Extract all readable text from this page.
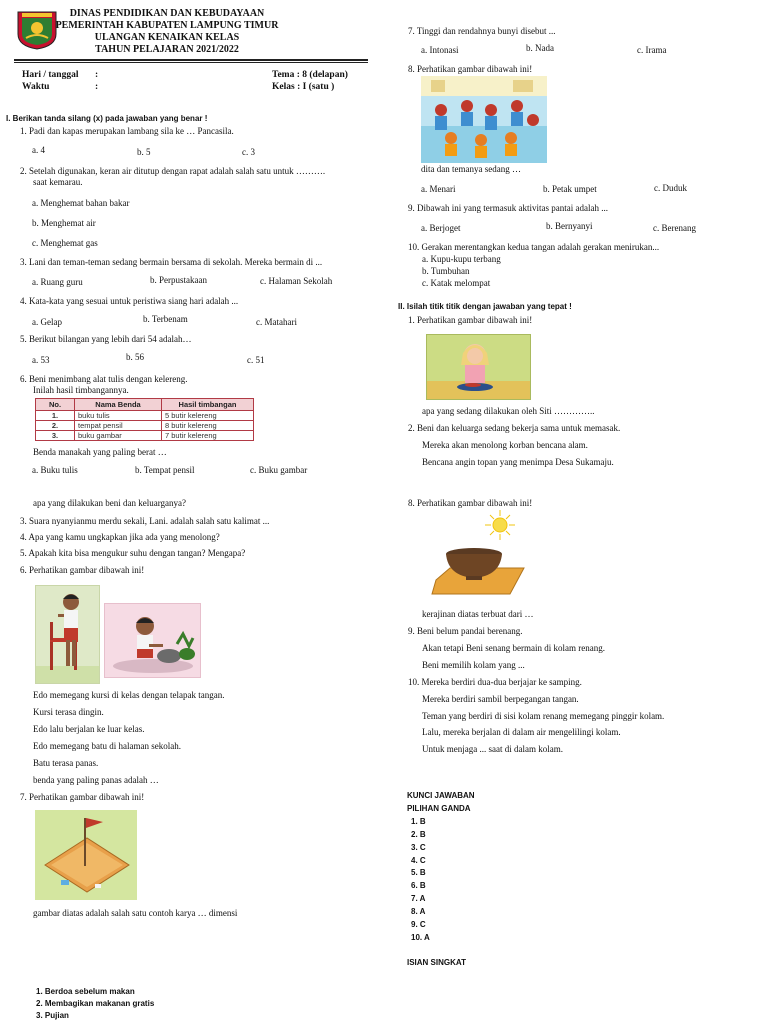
DINAS PENDIDIKAN DAN KEBUDAYAAN
PEMERINTAH KABUPATEN LAMPUNG TIMUR
ULANGAN KENAIKAN KELAS
TAHUN PELAJARAN 2021/2022
Hari / tanggal :
Waktu	:
Tema : 8 (delapan)
Kelas : I (satu )
I. Berikan tanda silang (x) pada jawaban yang benar !
1. Padi dan kapas merupakan lambang sila ke … Pancasila.
a. 4	b. 5	c. 3
2. Setelah digunakan, keran air ditutup dengan rapat adalah salah satu untuk ……….
saat kemarau.
a. Menghemat bahan bakar
b. Menghemat air
c. Menghemat gas
3. Lani dan teman-teman sedang bermain bersama di sekolah. Mereka bermain di ...
a. Ruang guru	b. Perpustakaan	c. Halaman Sekolah
4. Kata-kata yang sesuai untuk peristiwa siang hari adalah ...
a. Gelap	b. Terbenam	c. Matahari
5. Berikut bilangan yang lebih dari 54 adalah…
a. 53	b. 56	c. 51
6. Beni menimbang alat tulis dengan kelereng.
Inilah hasil timbangannya.
No.	Nama Benda	Hasil timbangan
1.	buku tulis	5 butir kelereng
2.	tempat pensil	8 butir kelereng
3.	buku gambar	7 butir kelereng
Benda manakah yang paling berat …
a. Buku tulis	b. Tempat pensil	c. Buku gambar
apa yang dilakukan beni dan keluarganya?
3. Suara nyanyianmu merdu sekali, Lani. adalah salah satu kalimat ...
4. Apa yang kamu ungkapkan jika ada yang menolong?
5. Apakah kita bisa mengukur suhu dengan tangan? Mengapa?
6. Perhatikan gambar dibawah ini!
Edo memegang kursi di kelas dengan telapak tangan.
Kursi terasa dingin.
Edo lalu berjalan ke luar kelas.
Edo memegang batu di halaman sekolah.
Batu terasa panas.
benda yang paling panas adalah …
7. Perhatikan gambar dibawah ini!
gambar diatas adalah salah satu contoh karya … dimensi
1. Berdoa sebelum makan
2. Membagikan makanan gratis
3. Pujian
7. Tinggi dan rendahnya bunyi disebut ...
a. Intonasi	b. Nada	c. Irama
8. Perhatikan gambar dibawah ini!
dita dan temanya sedang …
a. Menari	b. Petak umpet	c. Duduk
9. Dibawah ini yang termasuk aktivitas pantai adalah ...
a. Berjoget	b. Bernyanyi	c. Berenang
10. Gerakan merentangkan kedua tangan adalah gerakan menirukan...
a. Kupu-kupu terbang
b. Tumbuhan
c. Katak melompat
II. Isilah titik titik dengan jawaban yang tepat !
1. Perhatikan gambar dibawah ini!
apa yang sedang dilakukan oleh Siti …………..
2. Beni dan keluarga sedang bekerja sama untuk memasak.
Mereka akan menolong korban bencana alam.
Bencana angin topan yang menimpa Desa Sukamaju.
8. Perhatikan gambar dibawah ini!
kerajinan diatas terbuat dari …
9. Beni belum pandai berenang.
Akan tetapi Beni senang bermain di kolam renang.
Beni memilih kolam yang ...
10. Mereka berdiri dua-dua berjajar ke samping.
Mereka berdiri sambil berpegangan tangan.
Teman yang berdiri di sisi kolam renang memegang pinggir kolam.
Lalu, mereka berjalan di dalam air mengelilingi kolam.
Untuk menjaga ... saat di dalam kolam.
KUNCI JAWABAN
PILIHAN GANDA
1. B
2. B
3. C
4. C
5. B
6. B
7. A
8. A
9. C
10. A
ISIAN SINGKAT
